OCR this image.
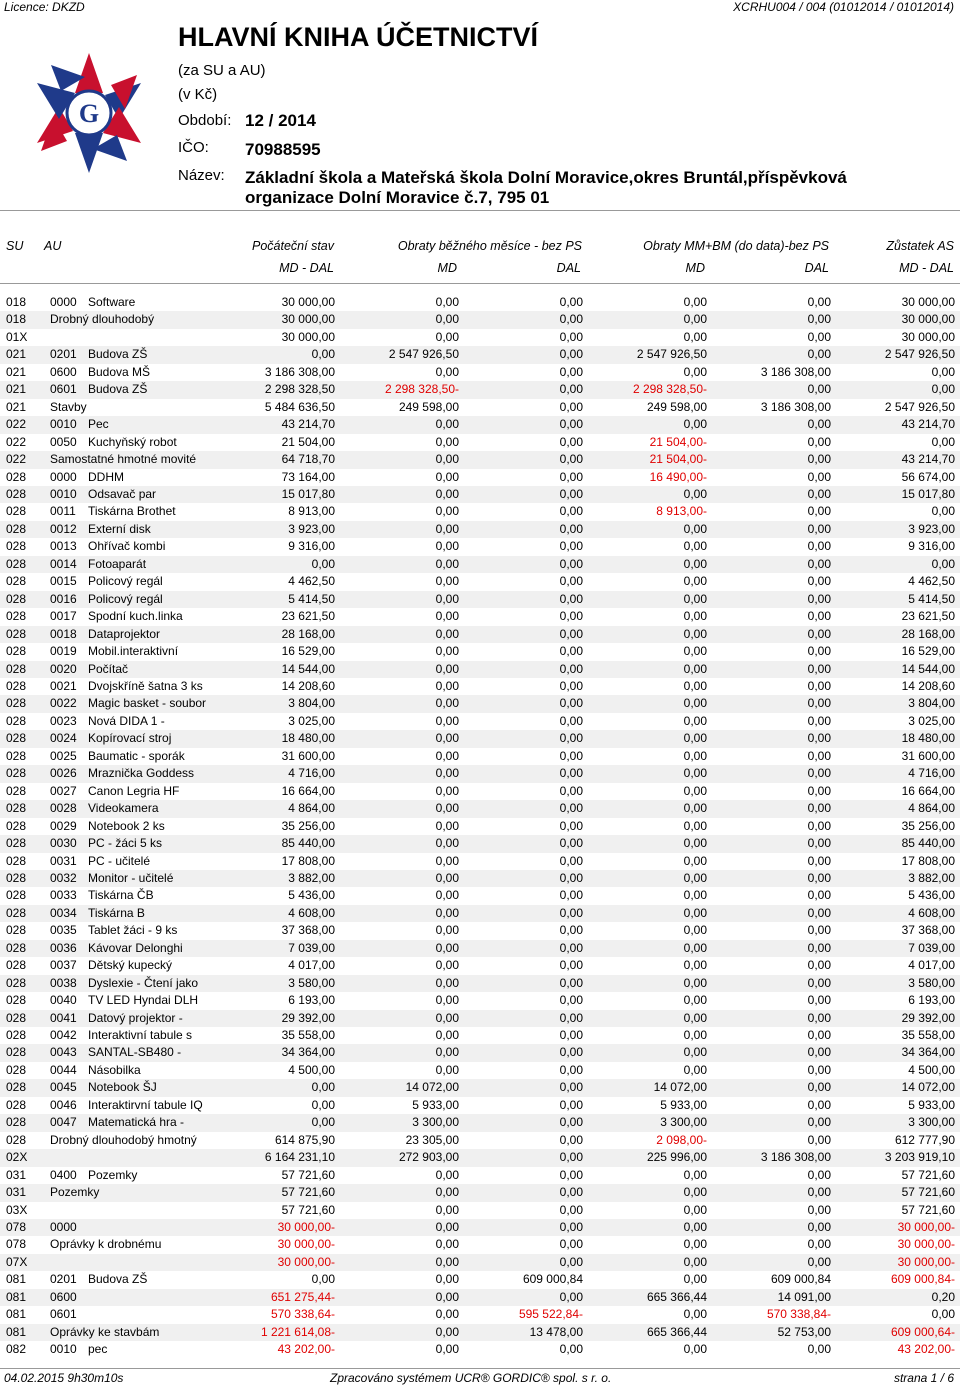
Licence: DKZD	XCRHU004 / 004 (01012014 / 01012014)
G
HLAVNÍ KNIHA ÚČETNICTVÍ
(za SU a AU)
(v Kč)
Období: 12 / 2014
IČO: 70988595
Název: Základní škola a Mateřská škola Dolní Moravice,okres Bruntál,příspěvková
organizace Dolní Moravice č.7, 795 01
SU AU	Počáteční stav	Obraty běžného měsíce - bez PS	Obraty MM+BM (do data)-bez PS	Zůstatek AS
MD - DAL	MD	DAL	MD	DAL	MD - DAL
018	0000	Software	30 000,00	0,00	0,00	0,00	0,00	30 000,00
018	Drobný dlouhodobý		30 000,00	0,00	0,00	0,00	0,00	30 000,00
01X			30 000,00	0,00	0,00	0,00	0,00	30 000,00
021	0201	Budova ZŠ	0,00	2 547 926,50	0,00	2 547 926,50	0,00	2 547 926,50
021	0600	Budova MŠ	3 186 308,00	0,00	0,00	0,00	3 186 308,00	0,00
021	0601	Budova ZŠ	2 298 328,50	2 298 328,50-	0,00	2 298 328,50-	0,00	0,00
021	Stavby		5 484 636,50	249 598,00	0,00	249 598,00	3 186 308,00	2 547 926,50
022	0010	Pec	43 214,70	0,00	0,00	0,00	0,00	43 214,70
022	0050	Kuchyňský robot	21 504,00	0,00	0,00	21 504,00-	0,00	0,00
022	Samostatné hmotné movité		64 718,70	0,00	0,00	21 504,00-	0,00	43 214,70
028	0000	DDHM	73 164,00	0,00	0,00	16 490,00-	0,00	56 674,00
028	0010	Odsavač par	15 017,80	0,00	0,00	0,00	0,00	15 017,80
028	0011	Tiskárna Brothet	8 913,00	0,00	0,00	8 913,00-	0,00	0,00
028	0012	Externí disk	3 923,00	0,00	0,00	0,00	0,00	3 923,00
028	0013	Ohřívač kombi	9 316,00	0,00	0,00	0,00	0,00	9 316,00
028	0014	Fotoaparát	0,00	0,00	0,00	0,00	0,00	0,00
028	0015	Policový regál	4 462,50	0,00	0,00	0,00	0,00	4 462,50
028	0016	Policový regál	5 414,50	0,00	0,00	0,00	0,00	5 414,50
028	0017	Spodní kuch.linka	23 621,50	0,00	0,00	0,00	0,00	23 621,50
028	0018	Dataprojektor	28 168,00	0,00	0,00	0,00	0,00	28 168,00
028	0019	Mobil.interaktivní	16 529,00	0,00	0,00	0,00	0,00	16 529,00
028	0020	Počítač	14 544,00	0,00	0,00	0,00	0,00	14 544,00
028	0021	Dvojskříně šatna 3 ks	14 208,60	0,00	0,00	0,00	0,00	14 208,60
028	0022	Magic basket - soubor	3 804,00	0,00	0,00	0,00	0,00	3 804,00
028	0023	Nová DIDA 1 -	3 025,00	0,00	0,00	0,00	0,00	3 025,00
028	0024	Kopírovací stroj	18 480,00	0,00	0,00	0,00	0,00	18 480,00
028	0025	Baumatic - sporák	31 600,00	0,00	0,00	0,00	0,00	31 600,00
028	0026	Mraznička Goddess	4 716,00	0,00	0,00	0,00	0,00	4 716,00
028	0027	Canon Legria HF	16 664,00	0,00	0,00	0,00	0,00	16 664,00
028	0028	Videokamera	4 864,00	0,00	0,00	0,00	0,00	4 864,00
028	0029	Notebook 2 ks	35 256,00	0,00	0,00	0,00	0,00	35 256,00
028	0030	PC - žáci 5 ks	85 440,00	0,00	0,00	0,00	0,00	85 440,00
028	0031	PC - učitelé	17 808,00	0,00	0,00	0,00	0,00	17 808,00
028	0032	Monitor - učitelé	3 882,00	0,00	0,00	0,00	0,00	3 882,00
028	0033	Tiskárna ČB	5 436,00	0,00	0,00	0,00	0,00	5 436,00
028	0034	Tiskárna B	4 608,00	0,00	0,00	0,00	0,00	4 608,00
028	0035	Tablet žáci - 9 ks	37 368,00	0,00	0,00	0,00	0,00	37 368,00
028	0036	Kávovar Delonghi	7 039,00	0,00	0,00	0,00	0,00	7 039,00
028	0037	Dětský kupecký	4 017,00	0,00	0,00	0,00	0,00	4 017,00
028	0038	Dyslexie - Čtení jako	3 580,00	0,00	0,00	0,00	0,00	3 580,00
028	0040	TV LED Hyndai DLH	6 193,00	0,00	0,00	0,00	0,00	6 193,00
028	0041	Datový projektor -	29 392,00	0,00	0,00	0,00	0,00	29 392,00
028	0042	Interaktivní tabule s	35 558,00	0,00	0,00	0,00	0,00	35 558,00
028	0043	SANTAL-SB480 -	34 364,00	0,00	0,00	0,00	0,00	34 364,00
028	0044	Násobilka	4 500,00	0,00	0,00	0,00	0,00	4 500,00
028	0045	Notebook ŠJ	0,00	14 072,00	0,00	14 072,00	0,00	14 072,00
028	0046	Interaktirvní tabule IQ	0,00	5 933,00	0,00	5 933,00	0,00	5 933,00
028	0047	Matematická hra -	0,00	3 300,00	0,00	3 300,00	0,00	3 300,00
028	Drobný dlouhodobý hmotný		614 875,90	23 305,00	0,00	2 098,00-	0,00	612 777,90
02X			6 164 231,10	272 903,00	0,00	225 996,00	3 186 308,00	3 203 919,10
031	0400	Pozemky	57 721,60	0,00	0,00	0,00	0,00	57 721,60
031	Pozemky		57 721,60	0,00	0,00	0,00	0,00	57 721,60
03X			57 721,60	0,00	0,00	0,00	0,00	57 721,60
078	0000		30 000,00-	0,00	0,00	0,00	0,00	30 000,00-
078	Oprávky k drobnému		30 000,00-	0,00	0,00	0,00	0,00	30 000,00-
07X			30 000,00-	0,00	0,00	0,00	0,00	30 000,00-
081	0201	Budova ZŠ	0,00	0,00	609 000,84	0,00	609 000,84	609 000,84-
081	0600		651 275,44-	0,00	0,00	665 366,44	14 091,00	0,20
081	0601		570 338,64-	0,00	595 522,84-	0,00	570 338,84-	0,00
081	Oprávky ke stavbám		1 221 614,08-	0,00	13 478,00	665 366,44	52 753,00	609 000,64-
082	0010	pec	43 202,00-	0,00	0,00	0,00	0,00	43 202,00-
04.02.2015 9h30m10s	Zpracováno systémem UCR® GORDIC® spol. s r. o.	strana 1 / 6
